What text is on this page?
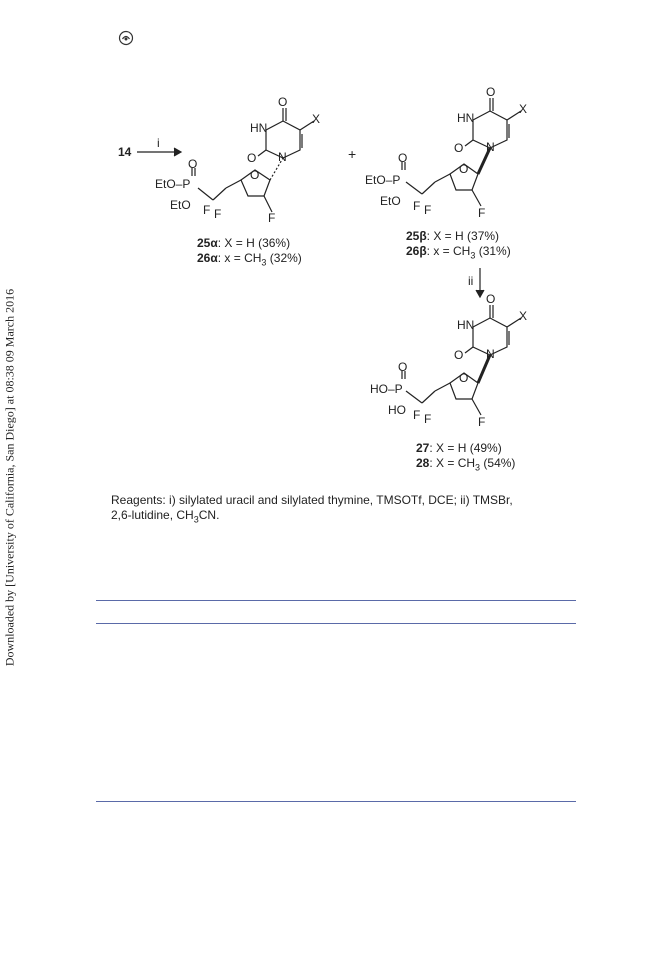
Downloaded by [University of California, San Diego] at 08:38 09 March 2016
14
i
+
ii
O
X
HN
O N
O
F
O
EtO–P
EtO F F
O
X
HN
O N
O
F
O
EtO–P
EtO F F
O
X
HN
O N
O
F
O
HO–P
HO F F
25α: X = H (36%)
26α: $x = CH_3$ (32%)
25β: X = H (37%)
26β: $x = CH_3$ (31%)
27: X = H (49%)
28: $X = CH_3$ (54%)
Reagents: i) silylated uracil and silylated thymine, TMSOTf, DCE; ii) TMSBr,
2,6-lutidine, $CH_3CN$.
